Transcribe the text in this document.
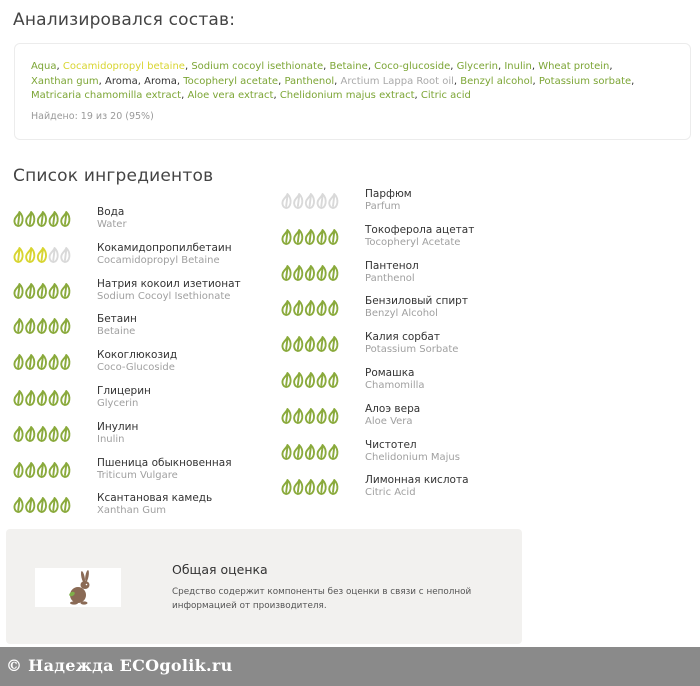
Анализировался состав:
Aqua, Cocamidopropyl betaine, Sodium cocoyl isethionate, Betaine, Coco-glucoside, Glycerin, Inulin, Wheat protein, Xanthan gum, Aroma, Aroma, Tocopheryl acetate, Panthenol, Arctium Lappa Root oil, Benzyl alcohol, Potassium sorbate, Matricaria chamomilla extract, Aloe vera extract, Chelidonium majus extract, Citric acid
Найдено: 19 из 20 (95%)
Список ингредиентов
Вода
Water
Кокамидопропилбетаин
Cocamidopropyl Betaine
Натрия кокоил изетионат
Sodium Cocoyl Isethionate
Бетаин
Betaine
Кокоглюкозид
Coco-Glucoside
Глицерин
Glycerin
Инулин
Inulin
Пшеница обыкновенная
Triticum Vulgare
Ксантановая камедь
Xanthan Gum
Парфюм
Parfum
Токоферола ацетат
Tocopheryl Acetate
Пантенол
Panthenol
Бензиловый спирт
Benzyl Alcohol
Калия сорбат
Potassium Sorbate
Ромашка
Chamomilla
Алоэ вера
Aloe Vera
Чистотел
Chelidonium Majus
Лимонная кислота
Citric Acid
Общая оценка
Средство содержит компоненты без оценки в связи с неполной информацией от производителя.
© Надежда ECOgolik.ru
